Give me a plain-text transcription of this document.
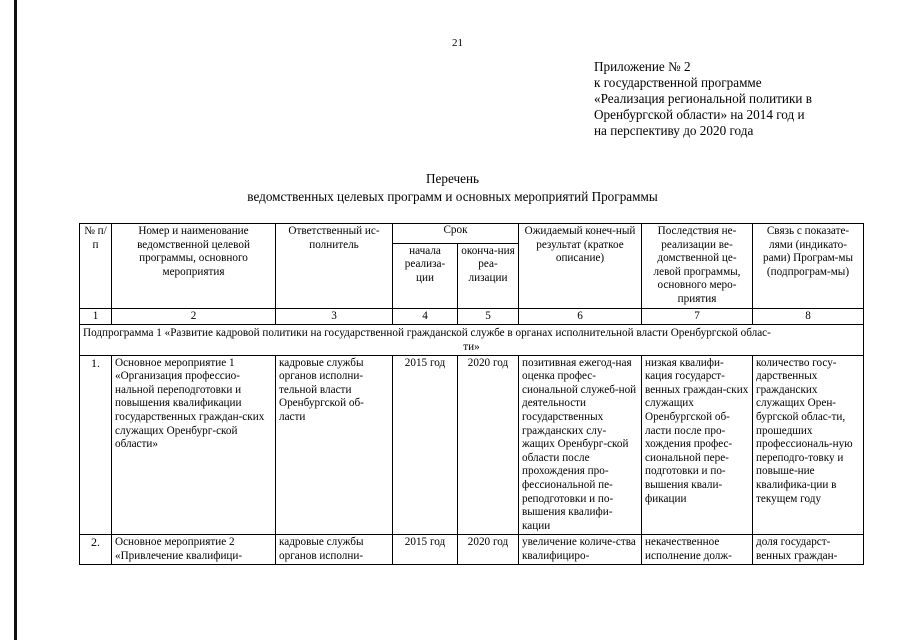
21
Приложение № 2
к государственной программе
«Реализация региональной политики в
Оренбургской области» на 2014 год и
на перспективу до 2020 года
Перечень
ведомственных целевых программ и основных мероприятий Программы
№ п/п	Номер и наименование ведомственной целевой программы, основного мероприятия	Ответственный ис-полнитель	Срок		Ожидаемый конеч-ный результат (краткое описание)	Последствия не-реализации ве-домственной це-левой программы, основного меро-приятия	Связь с показате-лями (индикато-рами) Програм-мы (подпрограм-мы)
			начала реализа-ции	оконча-ния реа-лизации			
1	2	3	4	5	6	7	8

Подпрограмма 1 «Развитие кадровой политики на государственной гражданской службе в органах исполнительной власти Оренбургской облас-
ти»							

1.	Основное мероприятие 1 «Организация профессио-нальной переподготовки и повышения квалификации государственных граждан-ских служащих Оренбург-ской области»	кадровые службы органов исполни-тельной власти Оренбургской об-ласти	2015 год	2020 год	позитивная ежегод-ная оценка профес-сиональной служеб-ной деятельности государственных гражданских слу-жащих Оренбург-ской области после прохождения про-фессиональной пе-реподготовки и по-вышения квалифи-кации	низкая квалифи-кация государст-венных граждан-ских служащих Оренбургской об-ласти после про-хождения профес-сиональной пере-подготовки и по-вышения квали-фикации	количество госу-дарственных гражданских служащих Орен-бургской облас-ти, прошедших профессиональ-ную переподго-товку и повыше-ние квалифика-ции в текущем году
2.	Основное мероприятие 2 «Привлечение квалифици-	кадровые службы органов исполни-	2015 год	2020 год	увеличение количе-ства квалифициро-	некачественное исполнение долж-	доля государст-венных граждан-
